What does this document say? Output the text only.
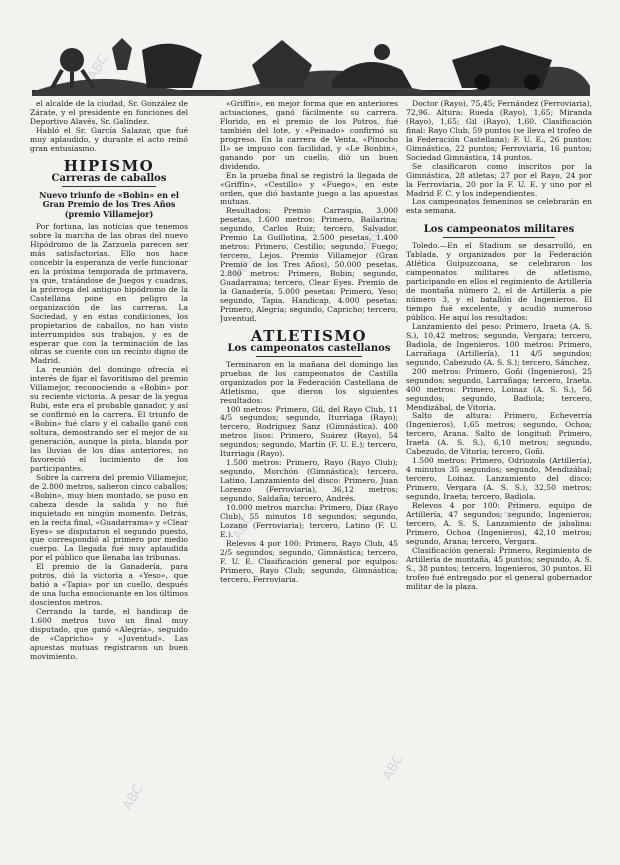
el alcalde de la ciudad, Sr. González de Zárate, y el presidente en funciones del Deportivo Alavés, Sr. Galíndez.

Habló el Sr. García Salazar, que fué muy aplaudido, y durante el acto reinó gran entusiasmo.

HIPISMO
Carreras de caballos
Nuevo triunfo de «Bobin» en el Gran Premio de los Tres Años (premio Villamejor)

Por fortuna, las noticias que tenemos sobre la marcha de las obras del nuevo Hipódromo de la Zarzuela parecen ser más satisfactorias. Ello nos hace concebir la esperanza de verle funcionar en la próxima temporada de primavera, ya que, tratándose de Juegos y cuadras, la prórroga del antiguo hipódromo de la Castellana pone en peligro la organización de las carreras. La Sociedad, y en estas condiciones, los propietarios de caballos, no han visto interrumpidos sus trabajos, y es de esperar que con la terminación de las obras se cuente con un recinto digno de Madrid.

La reunión del domingo ofrecía el interés de fijar el favoritismo del premio Villamejor, reconociendo a «Bobin» por su reciente victoria. A pesar de la yegua Rubi, este era el probable ganador, y así se confirmó en la carrera. El triunfo de «Bobin» fué claro y el caballo ganó con soltura, demostrando ser el mejor de su generación, aunque la pista, blanda por las lluvias de los días anteriores, no favoreció el lucimiento de los participantes.

Sobre la carrera del premio Villamejor, de 2.800 metros, salieron cinco caballos; «Bobin», muy bien montado, se puso en cabeza desde la salida y no fué inquietado en ningún momento. Detrás, en la recta final, «Guadarrama» y «Clear Eyes» se disputaron el segundo puesto, que correspondió al primero por medio cuerpo. La llegada fué muy aplaudida por el público que llenaba las tribunas.

El premio de la Ganadería, para potros, dió la victoria a «Yeso», que batió a «Tapia» por un cuello, después de una lucha emocionante en los últimos doscientos metros.

Cerrando la tarde, el handicap de 1.600 metros tuvo un final muy disputado, que ganó «Alegría», seguido de «Capricho» y «Juventud». Las apuestas mutuas registraron un buen movimiento.

«Griffin», en mejor forma que en anteriores actuaciones, ganó fácilmente su carrera. Florido, en el premio de los Potros, fué también del lote, y «Peinado» confirmó su progreso. En la carrera de Venta, «Pinocho II» se impuso con facilidad, y «Le Bonbin», ganando por un cuello, dió un buen dividendo.

En la prueba final se registró la llegada de «Griffin», «Cestillo» y «Fuego», en este orden, que dió bastante juego a las apuestas mutuas.

Resultados: Premio Carraspia, 3.000 pesetas, 1.600 metros: Primero, Bailarina; segundo, Carlos Ruiz; tercero, Salvador. Premio La Guillotina, 2.500 pesetas, 1.400 metros: Primero, Cestillo; segundo, Fuego; tercero, Lejos. Premio Villamejor (Gran Premio de los Tres Años), 50.000 pesetas, 2.800 metros: Primero, Bobin; segundo, Guadarrama; tercero, Clear Eyes. Premio de la Ganadería, 5.000 pesetas: Primero, Yeso; segundo, Tapia. Handicap, 4.000 pesetas: Primero, Alegría; segundo, Capricho; tercero, Juventud.

ATLETISMO
Los campeonatos castellanos

Terminaron en la mañana del domingo las pruebas de los campeonatos de Castilla organizados por la Federación Castellana de Atletismo, que dieron los siguientes resultados:

100 metros: Primero, Gil, del Rayo Club, 11 4/5 segundos; segundo, Iturriaga (Rayo); tercero, Rodríguez Sanz (Gimnástica). 400 metros lisos: Primero, Suárez (Rayo), 54 segundos; segundo, Martín (F. U. E.); tercero, Iturriaga (Rayo).

1.500 metros: Primero, Rayo (Rayo Club); segundo, Morchón (Gimnástica); tercero, Latino. Lanzamiento del disco: Primero, Juan Lorenzo (Ferroviaria), 36,12 metros; segundo, Saldaña; tercero, Andrés.

10.000 metros marcha: Primero, Díaz (Rayo Club), 55 minutos 18 segundos; segundo, Lozano (Ferroviaria); tercero, Latino (F. U. E.).

Relevos 4 por 100: Primero, Rayo Club, 45 2/5 segundos; segundo, Gimnástica; tercero, F. U. E. Clasificación general por equipos: Primero, Rayo Club; segundo, Gimnástica; tercero, Ferroviaria.

Doctor (Rayo), 75,45; Fernández (Ferroviaria), 72,96. Altura: Rueda (Rayo), 1,65; Miranda (Rayo), 1,65; Gil (Rayo), 1,60. Clasificación final: Rayo Club, 59 puntos (se lleva el trofeo de la Federación Castellana); F. U. E., 26 puntos; Gimnástica, 22 puntos; Ferroviaria, 16 puntos; Sociedad Gimnástica, 14 puntos.

Se clasificaron como inscritos por la Gimnástica, 28 atletas; 27 por el Rayo, 24 por la Ferroviaria, 20 por la F. U. E. y uno por el Madrid F. C. y los independientes.

Los campeonatos femeninos se celebrarán en esta semana.

Los campeonatos militares

Toledo.—En el Stadium se desarrolló, en Tablada, y organizados por la Federación Atlética Guipuzcoana, se celebraron los campeonatos militares de atletismo, participando en ellos el regimiento de Artillería de montaña número 2, el de Artillería a pie número 3, y el batallón de Ingenieros. El tiempo fué excelente, y acudió numeroso público. He aquí los resultados:

Lanzamiento del peso: Primero, Iraeta (A. S. S.), 10,42 metros; segundo, Vergara; tercero, Badiola, de Ingenieros. 100 metros: Primero, Larrañaga (Artillería), 11 4/5 segundos; segundo, Cabezudo (A. S. S.); tercero, Sánchez.

200 metros: Primero, Goñi (Ingenieros), 25 segundos; segundo, Larrañaga; tercero, Iraeta. 400 metros: Primero, Loinaz (A. S. S.), 56 segundos; segundo, Badiola; tercero, Mendizábal, de Vitoria.

Salto de altura: Primero, Echeverría (Ingenieros), 1,65 metros; segundo, Ochoa; tercero, Arana. Salto de longitud: Primero, Iraeta (A. S. S.), 6,10 metros; segundo, Cabezudo, de Vitoria; tercero, Goñi.

1.500 metros: Primero, Odriozola (Artillería), 4 minutos 35 segundos; segundo, Mendizábal; tercero, Loinaz. Lanzamiento del disco: Primero, Vergara (A. S. S.), 32,50 metros; segundo, Iraeta; tercero, Badiola.

Relevos 4 por 100: Primero, equipo de Artillería, 47 segundos; segundo, Ingenieros; tercero, A. S. S. Lanzamiento de jabalina: Primero, Ochoa (Ingenieros), 42,10 metros; segundo, Arana; tercero, Vergara.

Clasificación general: Primero, Regimiento de Artillería de montaña, 45 puntos; segundo, A. S. S., 38 puntos; tercero, Ingenieros, 30 puntos. El trofeo fué entregado por el general gobernador militar de la plaza.

ABC
ABC
ABC
ABC
ABC
ABC
ABC
